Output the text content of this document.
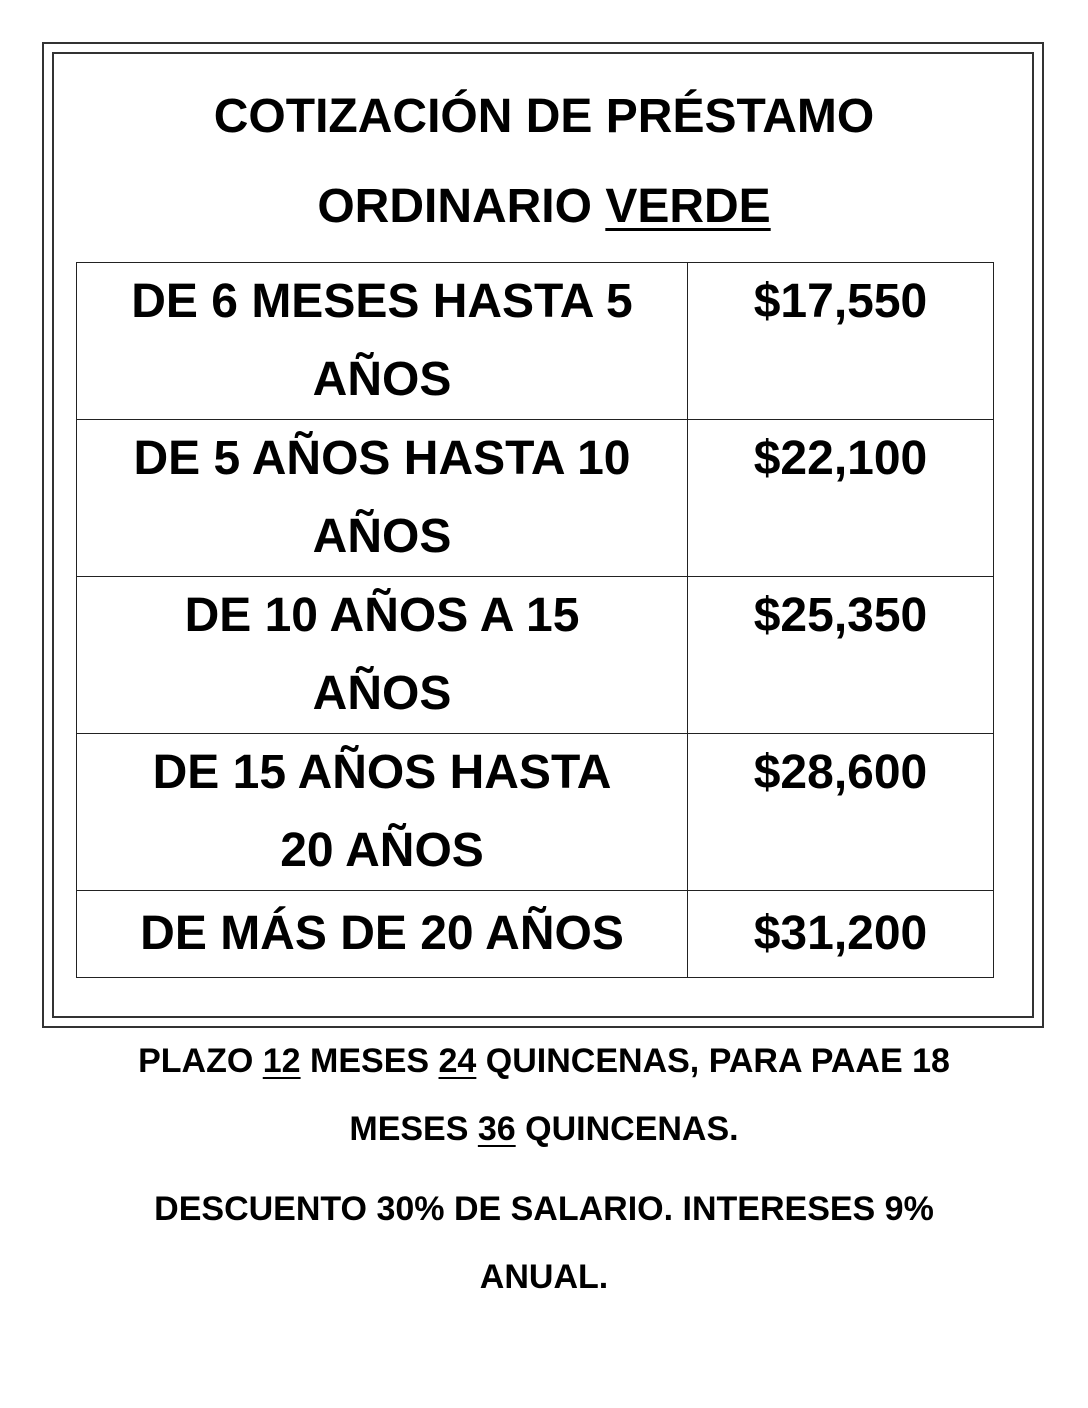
COTIZACIÓN DE PRÉSTAMO
ORDINARIO VERDE
DE 6 MESES HASTA 5
AÑOS	$17,550

DE 5 AÑOS HASTA 10
AÑOS	$22,100

DE 10 AÑOS A 15
AÑOS	$25,350

DE 15 AÑOS HASTA
20 AÑOS	$28,600

DE MÁS DE 20 AÑOS	$31,200
PLAZO 12 MESES 24 QUINCENAS, PARA PAAE 18
MESES 36 QUINCENAS.
DESCUENTO 30% DE SALARIO. INTERESES 9%
ANUAL.
